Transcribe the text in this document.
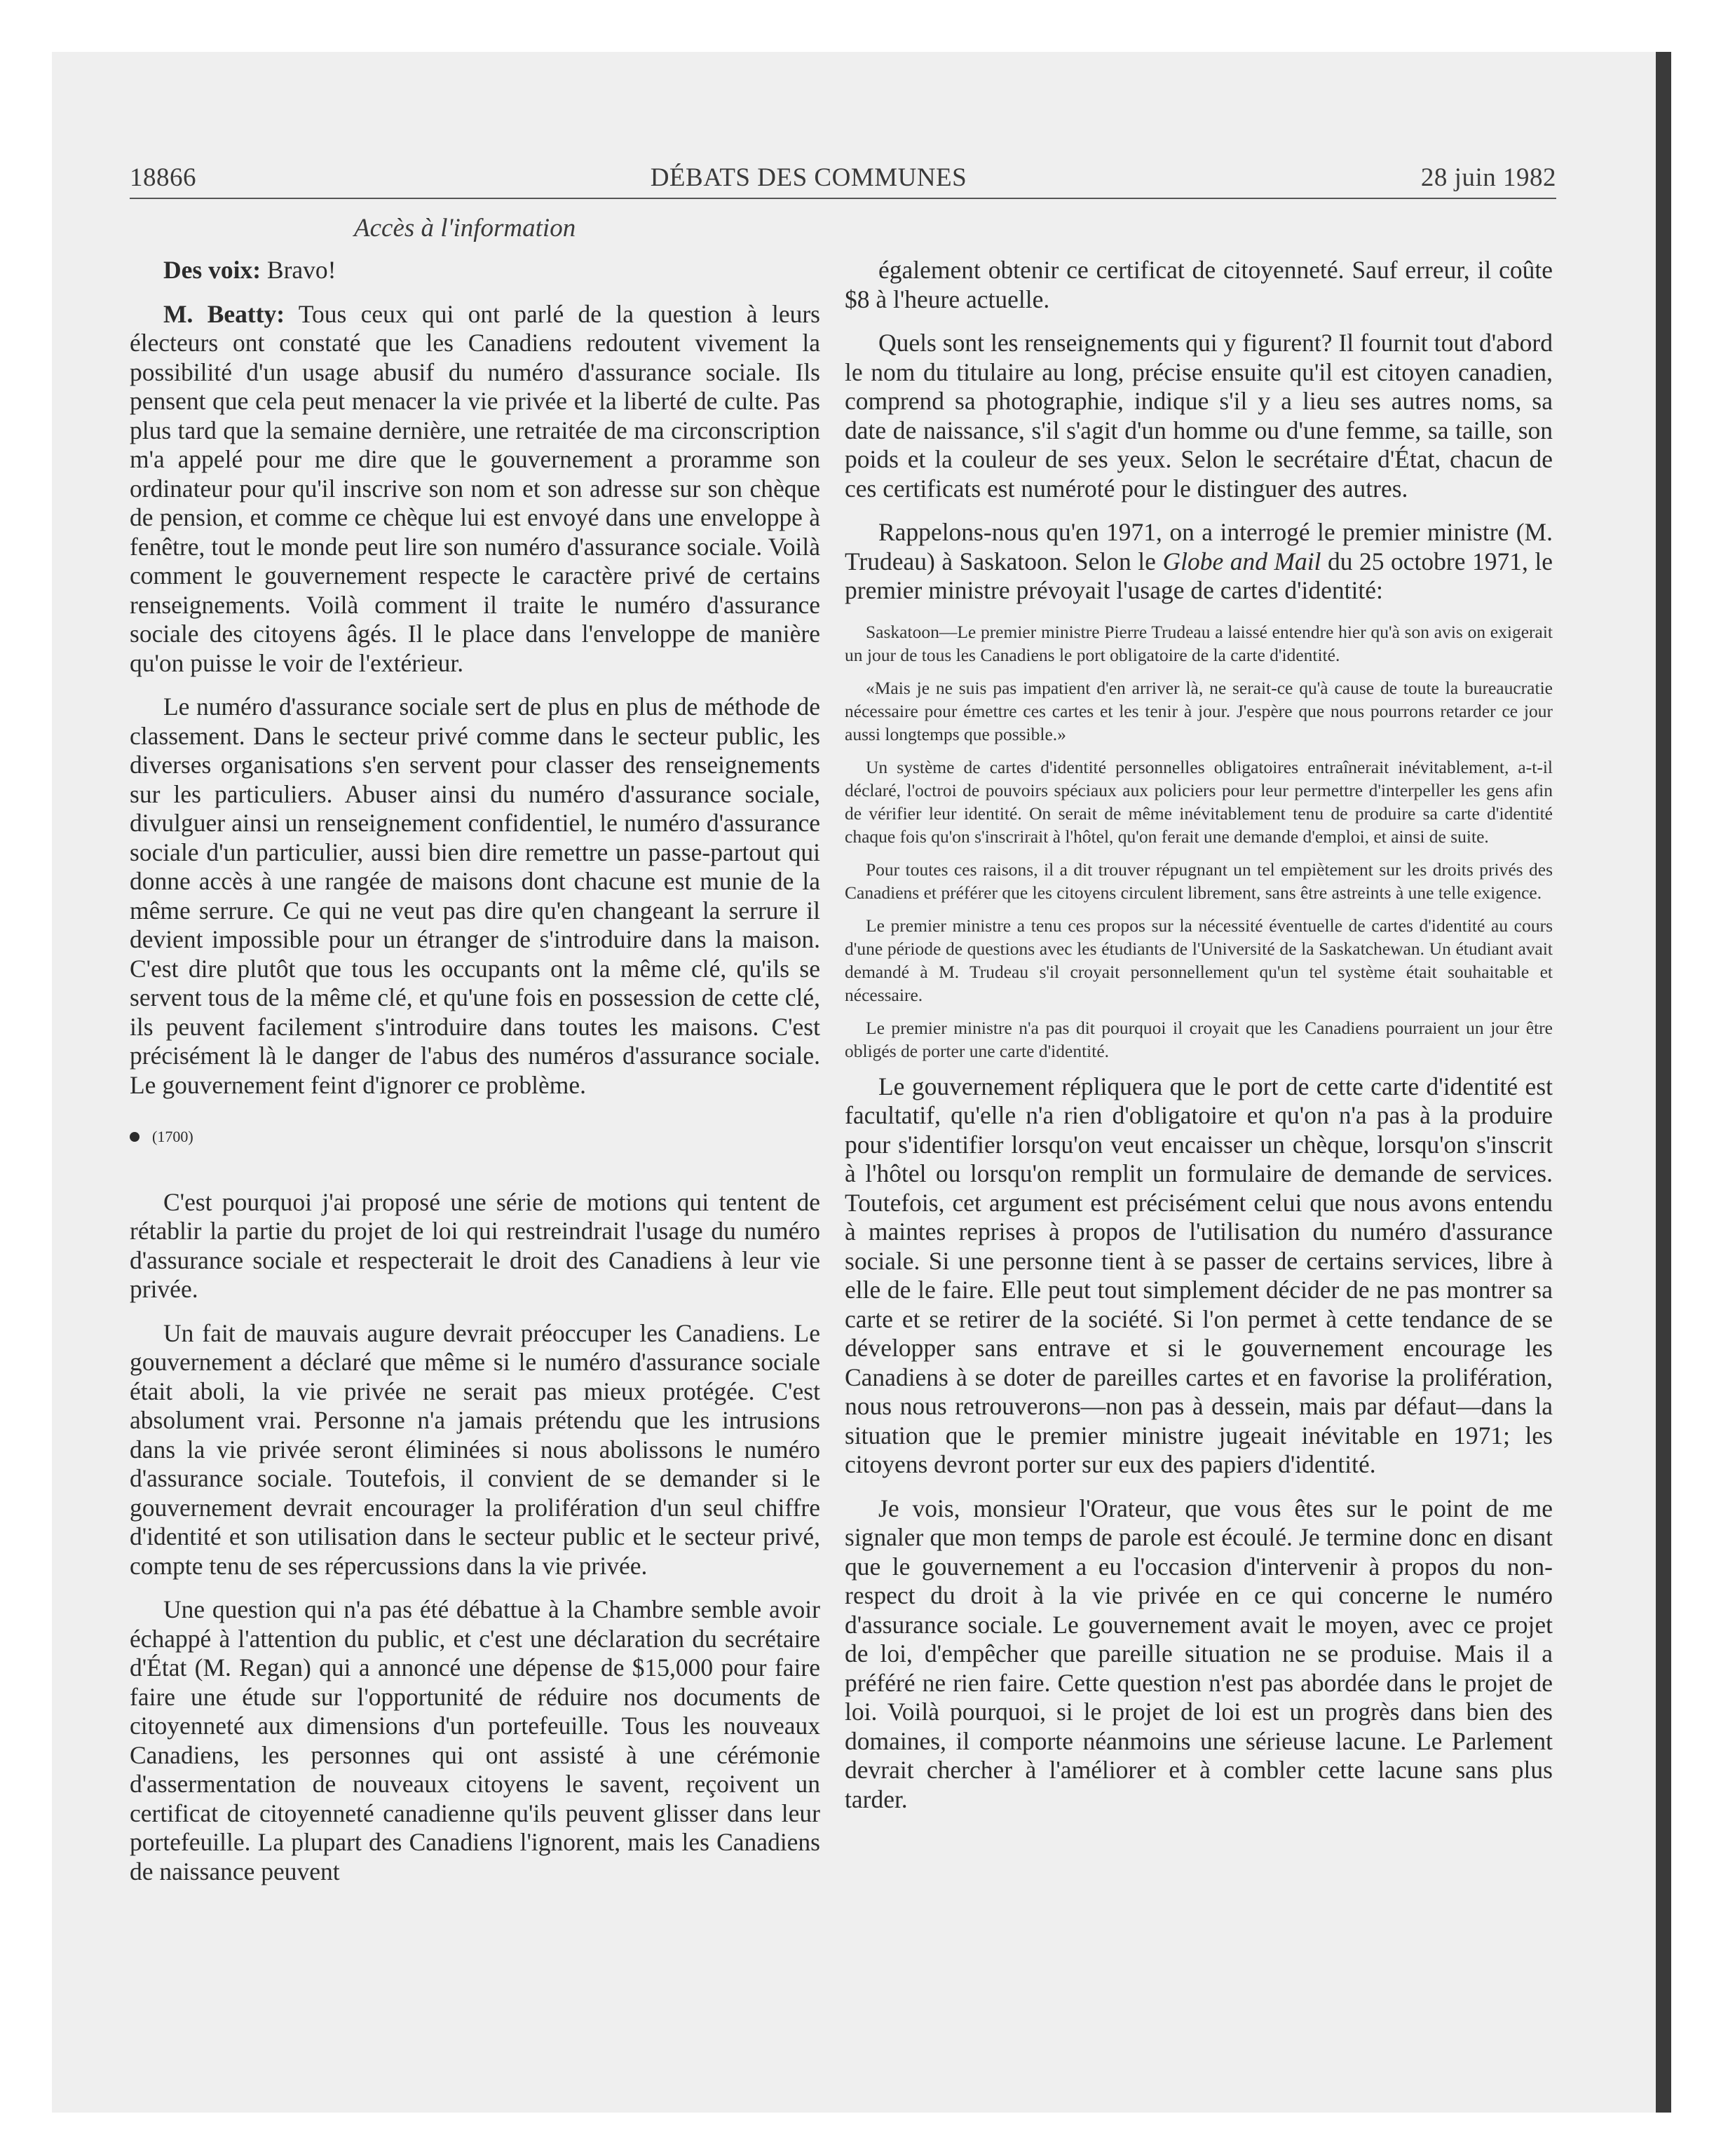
18866	DÉBATS DES COMMUNES	28 juin 1982
Accès à l'information

Des voix: Bravo!

M. Beatty: Tous ceux qui ont parlé de la question à leurs électeurs ont constaté que les Canadiens redoutent vivement la possibilité d'un usage abusif du numéro d'assurance sociale. Ils pensent que cela peut menacer la vie privée et la liberté de culte. Pas plus tard que la semaine dernière, une retraitée de ma circonscription m'a appelé pour me dire que le gouvernement a proramme son ordinateur pour qu'il inscrive son nom et son adresse sur son chèque de pension, et comme ce chèque lui est envoyé dans une enveloppe à fenêtre, tout le monde peut lire son numéro d'assurance sociale. Voilà comment le gouvernement respecte le caractère privé de certains renseignements. Voilà comment il traite le numéro d'assurance sociale des citoyens âgés. Il le place dans l'enveloppe de manière qu'on puisse le voir de l'extérieur.

Le numéro d'assurance sociale sert de plus en plus de méthode de classement. Dans le secteur privé comme dans le secteur public, les diverses organisations s'en servent pour classer des renseignements sur les particuliers. Abuser ainsi du numéro d'assurance sociale, divulguer ainsi un renseignement confidentiel, le numéro d'assurance sociale d'un particulier, aussi bien dire remettre un passe-partout qui donne accès à une rangée de maisons dont chacune est munie de la même serrure. Ce qui ne veut pas dire qu'en changeant la serrure il devient impossible pour un étranger de s'introduire dans la maison. C'est dire plutôt que tous les occupants ont la même clé, qu'ils se servent tous de la même clé, et qu'une fois en possession de cette clé, ils peuvent facilement s'introduire dans toutes les maisons. C'est précisément là le danger de l'abus des numéros d'assurance sociale. Le gouvernement feint d'ignorer ce problème.

(1700)

C'est pourquoi j'ai proposé une série de motions qui tentent de rétablir la partie du projet de loi qui restreindrait l'usage du numéro d'assurance sociale et respecterait le droit des Canadiens à leur vie privée.

Un fait de mauvais augure devrait préoccuper les Canadiens. Le gouvernement a déclaré que même si le numéro d'assurance sociale était aboli, la vie privée ne serait pas mieux protégée. C'est absolument vrai. Personne n'a jamais prétendu que les intrusions dans la vie privée seront éliminées si nous abolissons le numéro d'assurance sociale. Toutefois, il convient de se demander si le gouvernement devrait encourager la prolifération d'un seul chiffre d'identité et son utilisation dans le secteur public et le secteur privé, compte tenu de ses répercussions dans la vie privée.

Une question qui n'a pas été débattue à la Chambre semble avoir échappé à l'attention du public, et c'est une déclaration du secrétaire d'État (M. Regan) qui a annoncé une dépense de $15,000 pour faire faire une étude sur l'opportunité de réduire nos documents de citoyenneté aux dimensions d'un portefeuille. Tous les nouveaux Canadiens, les personnes qui ont assisté à une cérémonie d'assermentation de nouveaux citoyens le savent, reçoivent un certificat de citoyenneté canadienne qu'ils peuvent glisser dans leur portefeuille. La plupart des Canadiens l'ignorent, mais les Canadiens de naissance peuvent

également obtenir ce certificat de citoyenneté. Sauf erreur, il coûte $8 à l'heure actuelle.

Quels sont les renseignements qui y figurent? Il fournit tout d'abord le nom du titulaire au long, précise ensuite qu'il est citoyen canadien, comprend sa photographie, indique s'il y a lieu ses autres noms, sa date de naissance, s'il s'agit d'un homme ou d'une femme, sa taille, son poids et la couleur de ses yeux. Selon le secrétaire d'État, chacun de ces certificats est numéroté pour le distinguer des autres.

Rappelons-nous qu'en 1971, on a interrogé le premier ministre (M. Trudeau) à Saskatoon. Selon le Globe and Mail du 25 octobre 1971, le premier ministre prévoyait l'usage de cartes d'identité:

Saskatoon—Le premier ministre Pierre Trudeau a laissé entendre hier qu'à son avis on exigerait un jour de tous les Canadiens le port obligatoire de la carte d'identité.

«Mais je ne suis pas impatient d'en arriver là, ne serait-ce qu'à cause de toute la bureaucratie nécessaire pour émettre ces cartes et les tenir à jour. J'espère que nous pourrons retarder ce jour aussi longtemps que possible.»

Un système de cartes d'identité personnelles obligatoires entraînerait inévitablement, a-t-il déclaré, l'octroi de pouvoirs spéciaux aux policiers pour leur permettre d'interpeller les gens afin de vérifier leur identité. On serait de même inévitablement tenu de produire sa carte d'identité chaque fois qu'on s'inscrirait à l'hôtel, qu'on ferait une demande d'emploi, et ainsi de suite.

Pour toutes ces raisons, il a dit trouver répugnant un tel empiètement sur les droits privés des Canadiens et préférer que les citoyens circulent librement, sans être astreints à une telle exigence.

Le premier ministre a tenu ces propos sur la nécessité éventuelle de cartes d'identité au cours d'une période de questions avec les étudiants de l'Université de la Saskatchewan. Un étudiant avait demandé à M. Trudeau s'il croyait personnellement qu'un tel système était souhaitable et nécessaire.

Le premier ministre n'a pas dit pourquoi il croyait que les Canadiens pourraient un jour être obligés de porter une carte d'identité.

Le gouvernement répliquera que le port de cette carte d'identité est facultatif, qu'elle n'a rien d'obligatoire et qu'on n'a pas à la produire pour s'identifier lorsqu'on veut encaisser un chèque, lorsqu'on s'inscrit à l'hôtel ou lorsqu'on remplit un formulaire de demande de services. Toutefois, cet argument est précisément celui que nous avons entendu à maintes reprises à propos de l'utilisation du numéro d'assurance sociale. Si une personne tient à se passer de certains services, libre à elle de le faire. Elle peut tout simplement décider de ne pas montrer sa carte et se retirer de la société. Si l'on permet à cette tendance de se développer sans entrave et si le gouvernement encourage les Canadiens à se doter de pareilles cartes et en favorise la prolifération, nous nous retrouverons—non pas à dessein, mais par défaut—dans la situation que le premier ministre jugeait inévitable en 1971; les citoyens devront porter sur eux des papiers d'identité.

Je vois, monsieur l'Orateur, que vous êtes sur le point de me signaler que mon temps de parole est écoulé. Je termine donc en disant que le gouvernement a eu l'occasion d'intervenir à propos du non-respect du droit à la vie privée en ce qui concerne le numéro d'assurance sociale. Le gouvernement avait le moyen, avec ce projet de loi, d'empêcher que pareille situation ne se produise. Mais il a préféré ne rien faire. Cette question n'est pas abordée dans le projet de loi. Voilà pourquoi, si le projet de loi est un progrès dans bien des domaines, il comporte néanmoins une sérieuse lacune. Le Parlement devrait chercher à l'améliorer et à combler cette lacune sans plus tarder.
